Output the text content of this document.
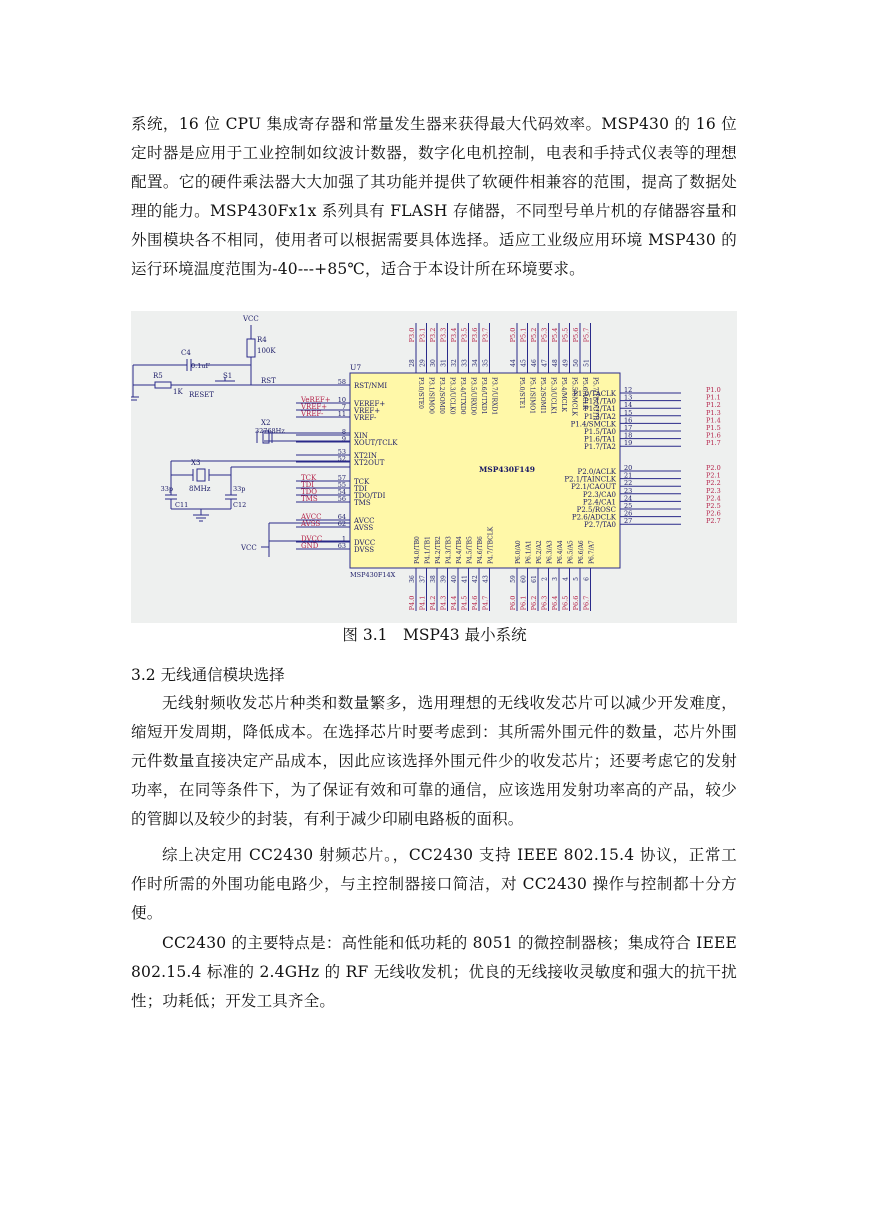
系统，16 位 CPU 集成寄存器和常量发生器来获得最大代码效率。MSP430 的 16 位定时器是应用于工业控制如纹波计数器，数字化电机控制，电表和手持式仪表等的理想配置。它的硬件乘法器大大加强了其功能并提供了软硬件相兼容的范围，提高了数据处理的能力。MSP430Fx1x 系列具有 FLASH 存储器，不同型号单片机的存储器容量和外围模块各不相同，使用者可以根据需要具体选择。适应工业级应用环境 MSP430 的运行环境温度范围为-40---+85℃，适合于本设计所在环境要求。
58 RST/NMI
10 VEREF+
VeREF+
7 VREF+
VREF+
11 VREF-
VREF-
8 XIN
9 XOUT/TCLK
53 XT2IN
52 XT2OUT
57 TCK
TCK
55 TDI
TDI
54 TDO/TDI
TDO
56 TMS
TMS
64 AVCC
AVCC
62 AVSS
AVSS
1 DVCC
DVCC
63 DVSS
GND
P1.0/TACLK 12	P1.0
P1.1/TA0 13	P1.1
P1.2/TA1 14	P1.2
P1.3/TA2 15	P1.3
P1.4/SMCLK 16	P1.4
P1.5/TA0 17	P1.5
P1.6/TA1 18	P1.6
P1.7/TA2 19	P1.7
P2.0/ACLK 20	P2.0
P2.1/TAINCLK 21	P2.1
P2.1/CAOUT 22	P2.2
P2.3/CA0 23	P2.3
P2.4/CA1 24	P2.4
P2.5/ROSC 25	P2.5
P2.6/ADCLK 26	P2.6
P2.7/TA0 27	P2.7
P3.0
28
P3.0/STE0
P3.1
29
P3.1/SIMO0
P3.2
30
P3.2/SOMI0
P3.3
31
P3.3/UCLK0
P3.4
32
P3.4/UTXD0
P3.5
33
P3.5/URXD0
P3.6
34
P3.6/UTXD1
P3.7
35
P3.7/URXD1
P5.0
44
P5.0/STE1
P5.1
45
P5.1/SIMO1
P5.2
46
P5.2/SOMI1
P5.3
47
P5.3/UCLK1
P5.4
48
P5.4/MCLK
P5.5
49
P5.5/SMCLK
P5.6
50
P5.6/ACLK
P5.7
51
P5.7/TBOUTH
P4.0/TB0
36
P4.0
P4.1/TB1
37
P4.1
P4.2/TB2
38
P4.2
P4.3/TB3
39
P4.3
P4.4/TB4
40
P4.4
P4.5/TB5
41
P4.5
P4.6/TB6
42
P4.6
P4.7/TBCLK
43
P4.7
P6.0/A0
59
P6.0
P6.1/A1
60
P6.1
P6.2/A2
61
P6.2
P6.3/A3
2
P6.3
P6.4/A4
3
P6.4
P6.5/A5
4
P6.5
P6.6/A6
5
P6.6
P6.7/A7
6
P6.7
U7
MSP430F149
MSP430F14X
VCC
R4
100K
C4
0.1uF
R5
1K
S1
RESET
RST
X2
32768Hz
X3
8MHz
33p
C11
33p
C12
VCC
图 3.1　MSP43 最小系统
3.2 无线通信模块选择
无线射频收发芯片种类和数量繁多，选用理想的无线收发芯片可以减少开发难度，缩短开发周期，降低成本。在选择芯片时要考虑到：其所需外围元件的数量，芯片外围元件数量直接决定产品成本，因此应该选择外围元件少的收发芯片；还要考虑它的发射功率，在同等条件下，为了保证有效和可靠的通信，应该选用发射功率高的产品，较少的管脚以及较少的封装，有利于减少印刷电路板的面积。
综上决定用 CC2430 射频芯片。，CC2430 支持 IEEE 802.15.4 协议，正常工作时所需的外围功能电路少，与主控制器接口简洁，对 CC2430 操作与控制都十分方便。
CC2430 的主要特点是：高性能和低功耗的 8051 的微控制器核；集成符合 IEEE 802.15.4 标准的 2.4GHz 的 RF 无线收发机；优良的无线接收灵敏度和强大的抗干扰性；功耗低；开发工具齐全。
